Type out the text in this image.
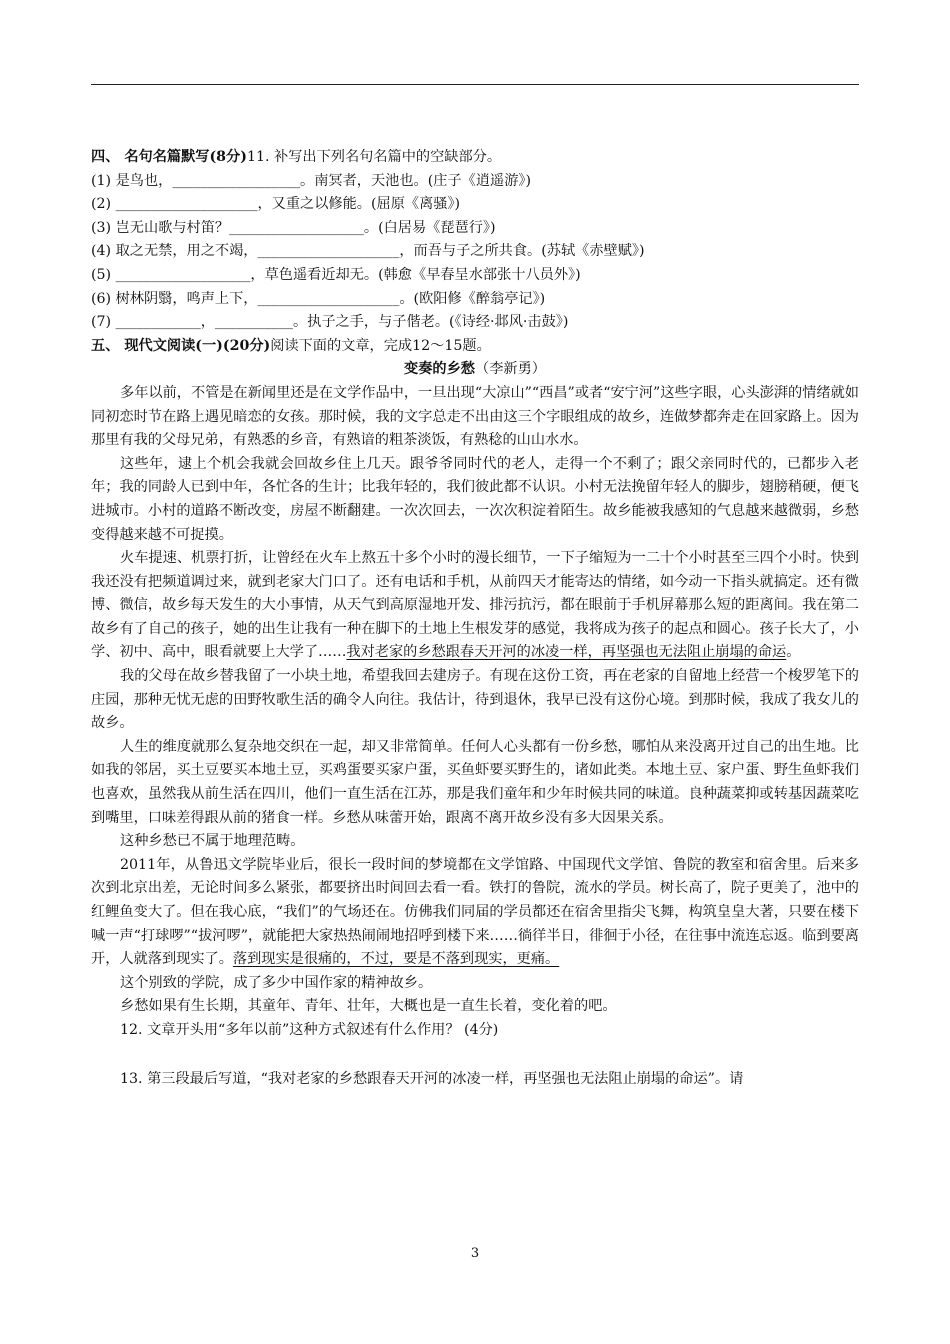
四、 名句名篇默写(8分)11. 补写出下列名句名篇中的空缺部分。
(1) 是鸟也，__________________。南冥者，天池也。(庄子《逍遥游》)
(2) ____________________，又重之以修能。(屈原《离骚》)
(3) 岂无山歌与村笛？___________________。(白居易《琵琶行》)
(4) 取之无禁，用之不竭，____________________，而吾与子之所共食。(苏轼《赤壁赋》)
(5) ___________________，草色遥看近却无。(韩愈《早春呈水部张十八员外》)
(6) 树林阴翳，鸣声上下，____________________。(欧阳修《醉翁亭记》)
(7) ____________，___________。执子之手，与子偕老。(《诗经·邶风·击鼓》)
五、 现代文阅读(一)(20分)阅读下面的文章，完成12～15题。
变奏的乡愁（李新勇）
多年以前，不管是在新闻里还是在文学作品中，一旦出现“大凉山”“西昌”或者“安宁河”这些字眼，心头澎湃的情绪就如同初恋时节在路上遇见暗恋的女孩。那时候，我的文字总走不出由这三个字眼组成的故乡，连做梦都奔走在回家路上。因为那里有我的父母兄弟，有熟悉的乡音，有熟谙的粗茶淡饭，有熟稔的山山水水。
这些年，逮上个机会我就会回故乡住上几天。跟爷爷同时代的老人，走得一个不剩了；跟父亲同时代的，已都步入老年；我的同龄人已到中年，各忙各的生计；比我年轻的，我们彼此都不认识。小村无法挽留年轻人的脚步，翅膀稍硬，便飞进城市。小村的道路不断改变，房屋不断翻建。一次次回去，一次次积淀着陌生。故乡能被我感知的气息越来越微弱，乡愁变得越来越不可捉摸。
火车提速、机票打折，让曾经在火车上熬五十多个小时的漫长细节，一下子缩短为一二十个小时甚至三四个小时。快到我还没有把频道调过来，就到老家大门口了。还有电话和手机，从前四天才能寄达的情绪，如今动一下指头就搞定。还有微博、微信，故乡每天发生的大小事情，从天气到高原湿地开发、排污抗污，都在眼前于手机屏幕那么短的距离间。我在第二故乡有了自己的孩子，她的出生让我有一种在脚下的土地上生根发芽的感觉，我将成为孩子的起点和圆心。孩子长大了，小学、初中、高中，眼看就要上大学了……我对老家的乡愁跟春天开河的冰凌一样，再坚强也无法阻止崩塌的命运。
我的父母在故乡替我留了一小块土地，希望我回去建房子。有现在这份工资，再在老家的自留地上经营一个梭罗笔下的庄园，那种无忧无虑的田野牧歌生活的确令人向往。我估计，待到退休，我早已没有这份心境。到那时候，我成了我女儿的故乡。
人生的维度就那么复杂地交织在一起，却又非常简单。任何人心头都有一份乡愁，哪怕从来没离开过自己的出生地。比如我的邻居，买土豆要买本地土豆，买鸡蛋要买家户蛋，买鱼虾要买野生的，诸如此类。本地土豆、家户蛋、野生鱼虾我们也喜欢，虽然我从前生活在四川，他们一直生活在江苏，那是我们童年和少年时候共同的味道。良种蔬菜抑或转基因蔬菜吃到嘴里，口味差得跟从前的猪食一样。乡愁从味蕾开始，跟离不离开故乡没有多大因果关系。
这种乡愁已不属于地理范畴。
2011年，从鲁迅文学院毕业后，很长一段时间的梦境都在文学馆路、中国现代文学馆、鲁院的教室和宿舍里。后来多次到北京出差，无论时间多么紧张，都要挤出时间回去看一看。铁打的鲁院，流水的学员。树长高了，院子更美了，池中的红鲤鱼变大了。但在我心底，“我们”的气场还在。仿佛我们同届的学员都还在宿舍里指尖飞舞，构筑皇皇大著，只要在楼下喊一声“打球啰”“拔河啰”，就能把大家热热闹闹地招呼到楼下来……徜徉半日，徘徊于小径，在往事中流连忘返。临到要离开，人就落到现实了。落到现实是很痛的，不过，要是不落到现实，更痛。
这个别致的学院，成了多少中国作家的精神故乡。
乡愁如果有生长期，其童年、青年、壮年，大概也是一直生长着，变化着的吧。
12. 文章开头用“多年以前”这种方式叙述有什么作用？ (4分)
13. 第三段最后写道，“我对老家的乡愁跟春天开河的冰凌一样，再坚强也无法阻止崩塌的命运”。请
3
